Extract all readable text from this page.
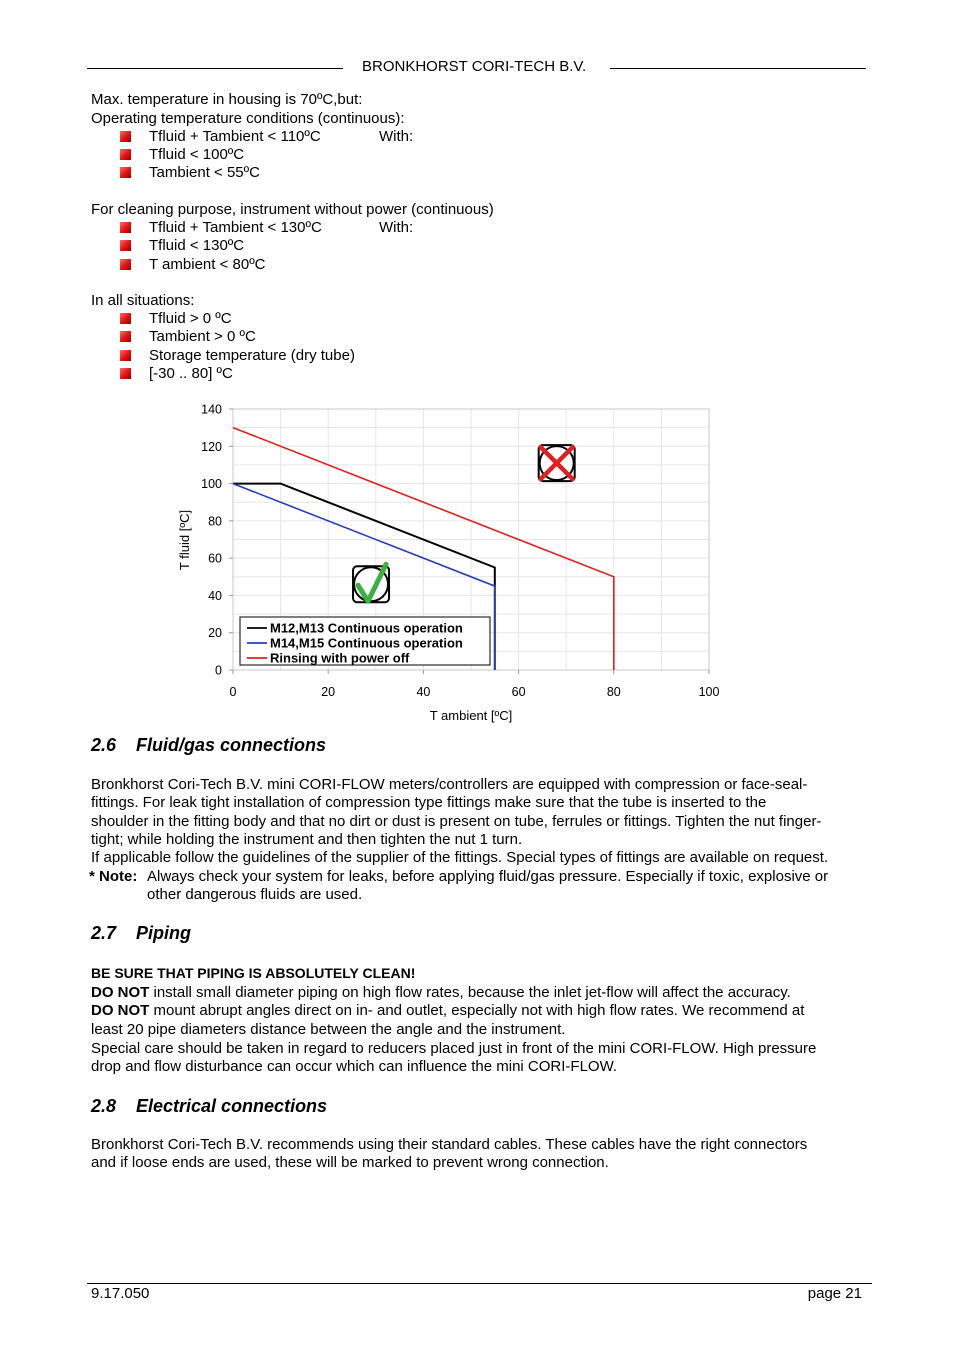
BRONKHORST CORI-TECH B.V.
Max. temperature in housing is 70ºC,but:
Operating temperature conditions (continuous):
Tfluid + Tambient < 110ºC	With:
Tfluid < 100ºC
Tambient < 55ºC
For cleaning purpose, instrument without power (continuous)
Tfluid + Tambient < 130ºC	With:
Tfluid < 130ºC
T ambient < 80ºC
In all situations:
Tfluid > 0 ºC
Tambient > 0 ºC
Storage temperature (dry tube)
[-30 .. 80] ºC
0
20
40
60
80
100
120
140
0	20	40	60	80	100
T ambient [ºC]
T fluid [ºC]
M12,M13 Continuous operation
M14,M15 Continuous operation
Rinsing with power off
2.6 Fluid/gas connections
Bronkhorst Cori-Tech B.V. mini CORI-FLOW meters/controllers are equipped with compression or face-seal-
fittings. For leak tight installation of compression type fittings make sure that the tube is inserted to the
shoulder in the fitting body and that no dirt or dust is present on tube, ferrules or fittings. Tighten the nut finger-
tight; while holding the instrument and then tighten the nut 1 turn.
If applicable follow the guidelines of the supplier of the fittings. Special types of fittings are available on request.
* Note: Always check your system for leaks, before applying fluid/gas pressure. Especially if toxic, explosive or
other dangerous fluids are used.
2.7 Piping
BE SURE THAT PIPING IS ABSOLUTELY CLEAN!
DO NOT install small diameter piping on high flow rates, because the inlet jet-flow will affect the accuracy.
DO NOT mount abrupt angles direct on in- and outlet, especially not with high flow rates. We recommend at
least 20 pipe diameters distance between the angle and the instrument.
Special care should be taken in regard to reducers placed just in front of the mini CORI-FLOW. High pressure
drop and flow disturbance can occur which can influence the mini CORI-FLOW.
2.8 Electrical connections
Bronkhorst Cori-Tech B.V. recommends using their standard cables. These cables have the right connectors
and if loose ends are used, these will be marked to prevent wrong connection.
9.17.050	page 21
